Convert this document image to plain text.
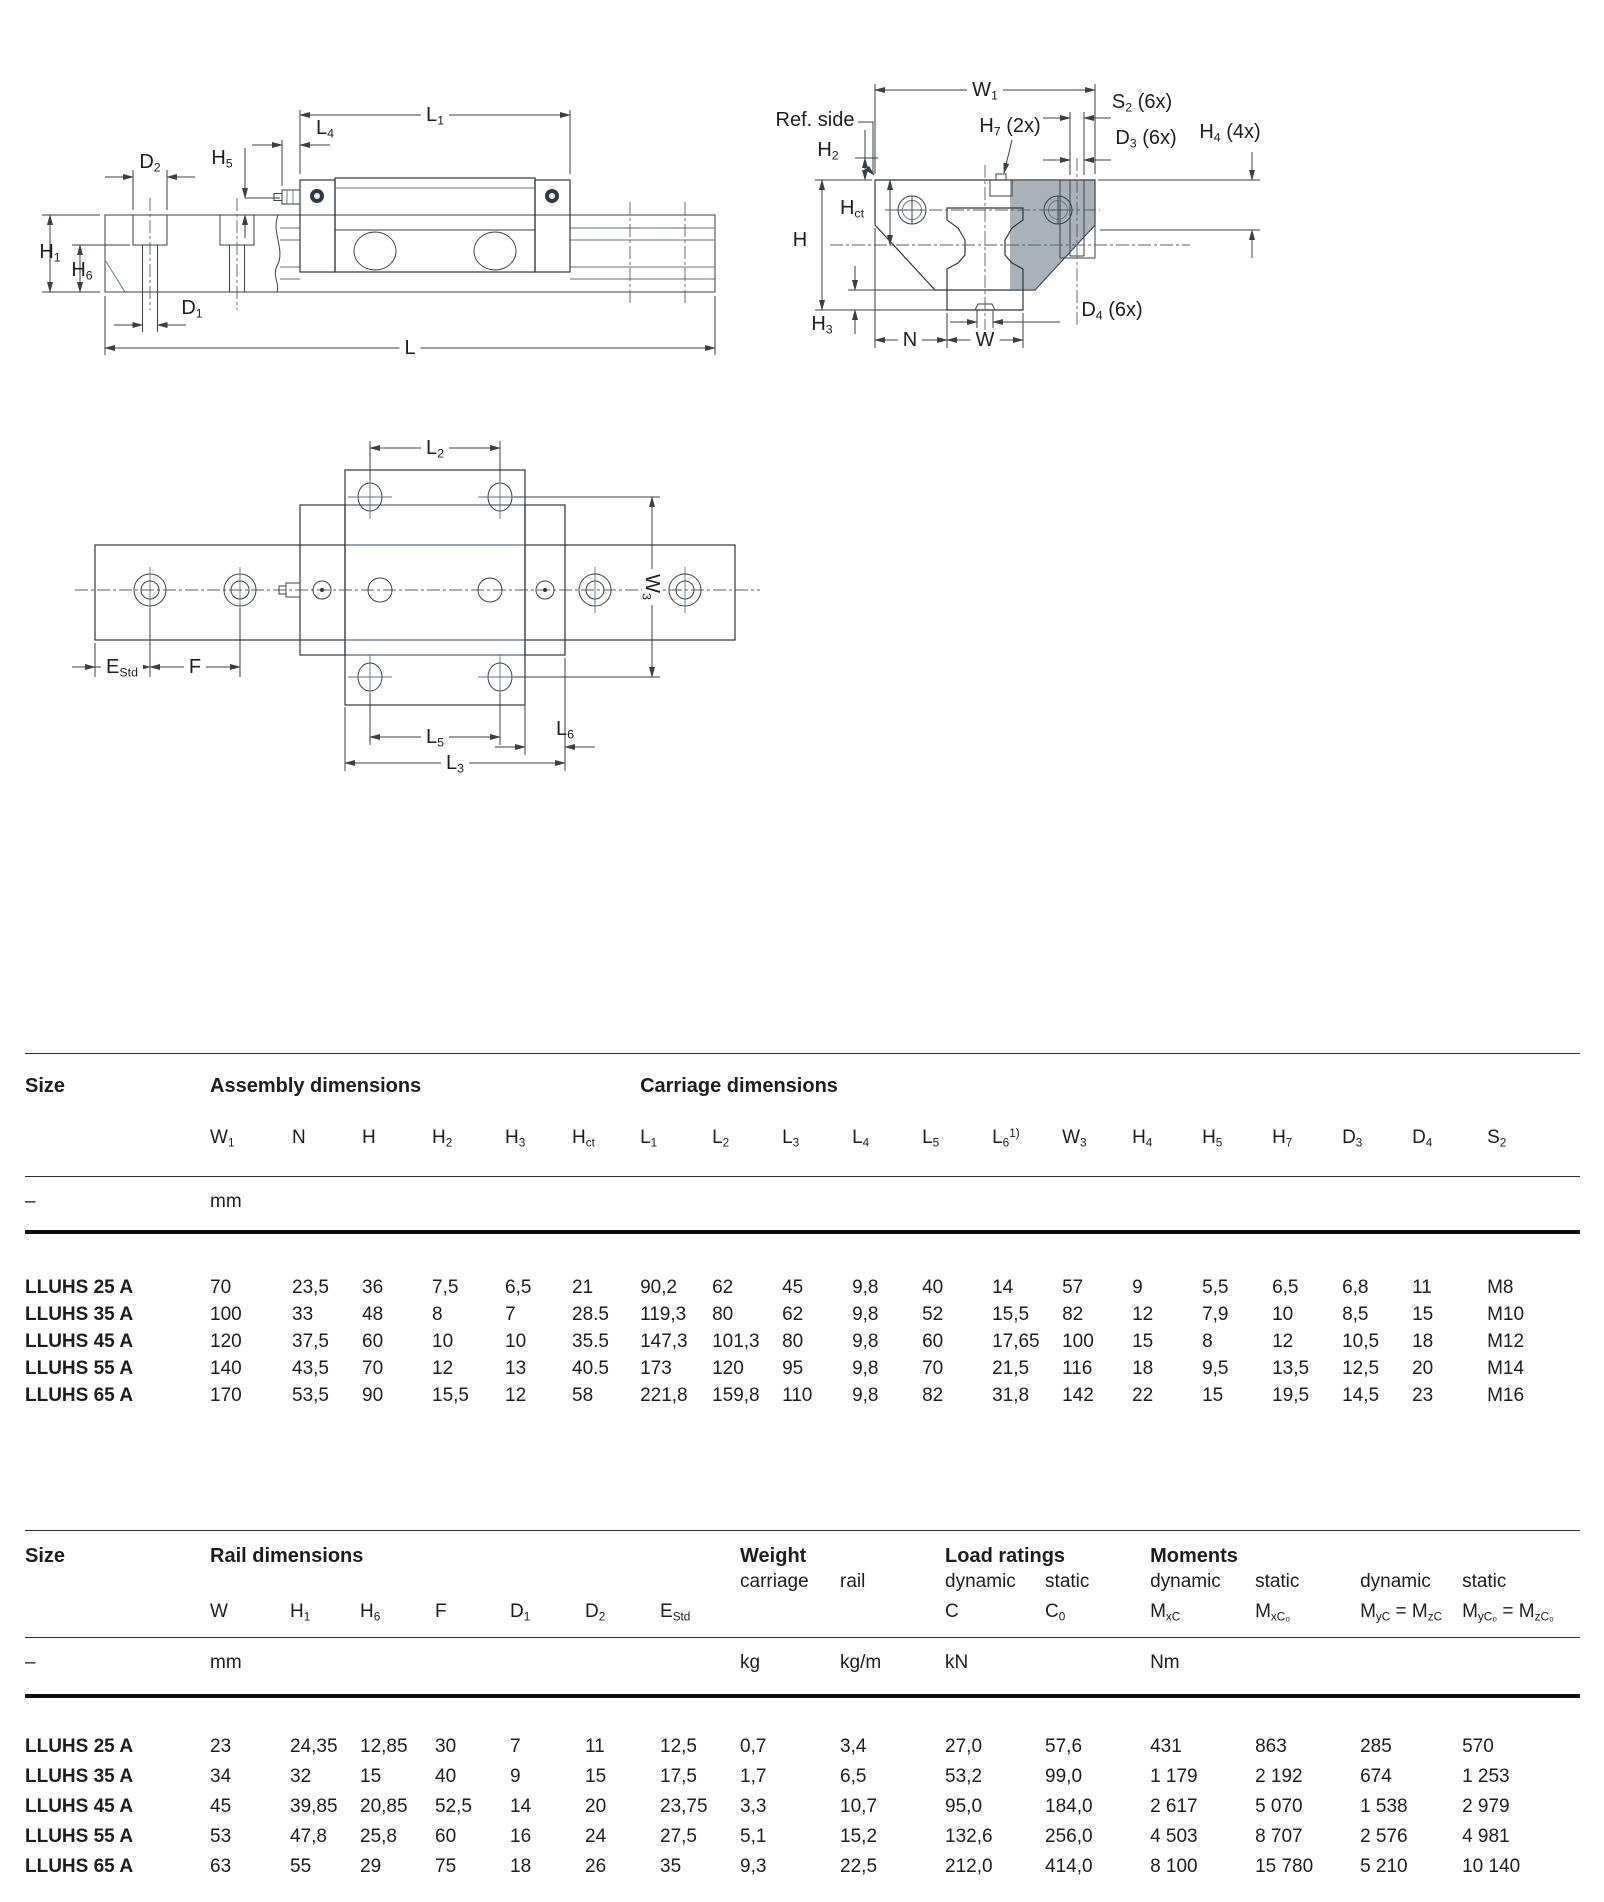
$L_1$
$L_4$
$H_5$
$D_2$
$H_1$
$H_6$
$D_1$
L
$W_1$
Ref. side
$H_2$
$S_2$ (6x)
$D_3$ (6x)
$H_7$ (2x)	$H_4$ (4x)
$H_{ct}$
H
$H_3$	N	W
$D_4$ (6x)
$L_2$
$W_3$
$E_{Std}$	F
$L_5$
$L_3$
$L_6$
Size	Assembly dimensions						Carriage dimensions												
	$W_1$	N	H	$H_2$	$H_3$	$H_{ct}$	$L_1$	$L_2$	$L_3$	$L_4$	$L_5$	$L_6^{1)}$	$W_3$	$H_4$	$H_5$	$H_7$	$D_3$	$D_4$	$S_2$
–	mm																		
LLUHS 25 A	70	23,5	36	7,5	6,5	21	90,2	62	45	9,8	40	14	57	9	5,5	6,5	6,8	11	M8
LLUHS 35 A	100	33	48	8	7	28.5	119,3	80	62	9,8	52	15,5	82	12	7,9	10	8,5	15	M10
LLUHS 45 A	120	37,5	60	10	10	35.5	147,3	101,3	80	9,8	60	17,65	100	15	8	12	10,5	18	M12
LLUHS 55 A	140	43,5	70	12	13	40.5	173	120	95	9,8	70	21,5	116	18	9,5	13,5	12,5	20	M14
LLUHS 65 A	170	53,5	90	15,5	12	58	221,8	159,8	110	9,8	82	31,8	142	22	15	19,5	14,5	23	M16
Size	Rail dimensions							Weight		Load ratings		Moments			
								carriage	rail	dynamic	static	dynamic	static	dynamic	static
	W	$H_1$	$H_6$	F	$D_1$	$D_2$	$E_{Std}$			C	$C_0$	$M_{xC}$	$M_{xC_0}$	$M_{yC} = M_{zC}$	$M_{yC_0} = M_{zC_0}$
–	mm							kg	kg/m	kN		Nm			
LLUHS 25 A	23	24,35	12,85	30	7	11	12,5	0,7	3,4	27,0	57,6	431	863	285	570
LLUHS 35 A	34	32	15	40	9	15	17,5	1,7	6,5	53,2	99,0	1 179	2 192	674	1 253
LLUHS 45 A	45	39,85	20,85	52,5	14	20	23,75	3,3	10,7	95,0	184,0	2 617	5 070	1 538	2 979
LLUHS 55 A	53	47,8	25,8	60	16	24	27,5	5,1	15,2	132,6	256,0	4 503	8 707	2 576	4 981
LLUHS 65 A	63	55	29	75	18	26	35	9,3	22,5	212,0	414,0	8 100	15 780	5 210	10 140
